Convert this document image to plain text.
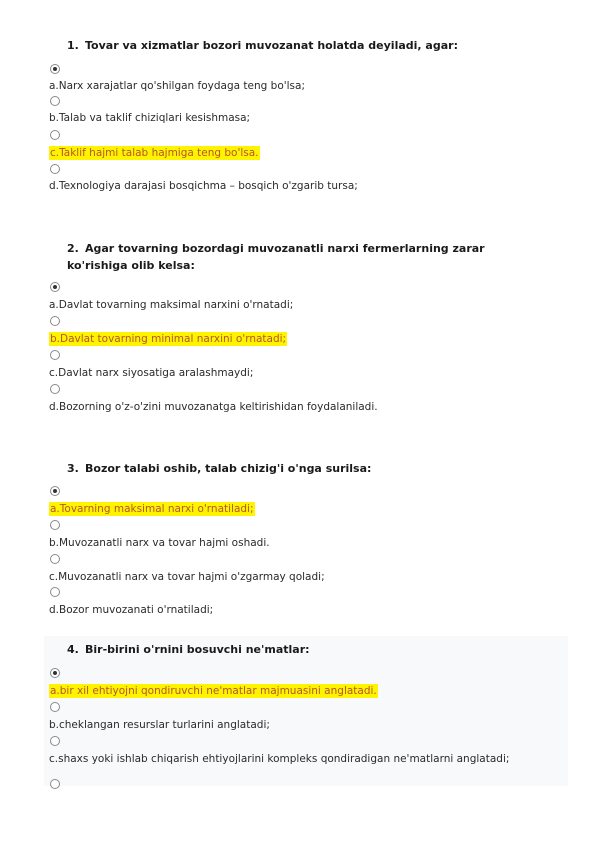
1. Tovar va xizmatlar bozori muvozanat holatda deyiladi, agar:

a.Narx xarajatlar qo'shilgan foydaga teng bo'lsa;
b.Talab va taklif chiziqlari kesishmasa;
c.Taklif hajmi talab hajmiga teng bo'lsa.
d.Texnologiya darajasi bosqichma – bosqich o'zgarib tursa;

2. Agar tovarning bozordagi muvozanatli narxi fermerlarning zarar ko'rishiga olib kelsa:

a.Davlat tovarning maksimal narxini o'rnatadi;
b.Davlat tovarning minimal narxini o'rnatadi;
c.Davlat narx siyosatiga aralashmaydi;
d.Bozorning o'z-o'zini muvozanatga keltirishidan foydalaniladi.

3. Bozor talabi oshib, talab chizig'i o'nga surilsa:

a.Tovarning maksimal narxi o'rnatiladi;
b.Muvozanatli narx va tovar hajmi oshadi.
c.Muvozanatli narx va tovar hajmi o'zgarmay qoladi;
d.Bozor muvozanati o'rnatiladi;

4. Bir-birini o'rnini bosuvchi ne'matlar:

a.bir xil ehtiyojni qondiruvchi ne'matlar majmuasini anglatadi.
b.cheklangan resurslar turlarini anglatadi;
c.shaxs yoki ishlab chiqarish ehtiyojlarini kompleks qondiradigan ne'matlarni anglatadi;
